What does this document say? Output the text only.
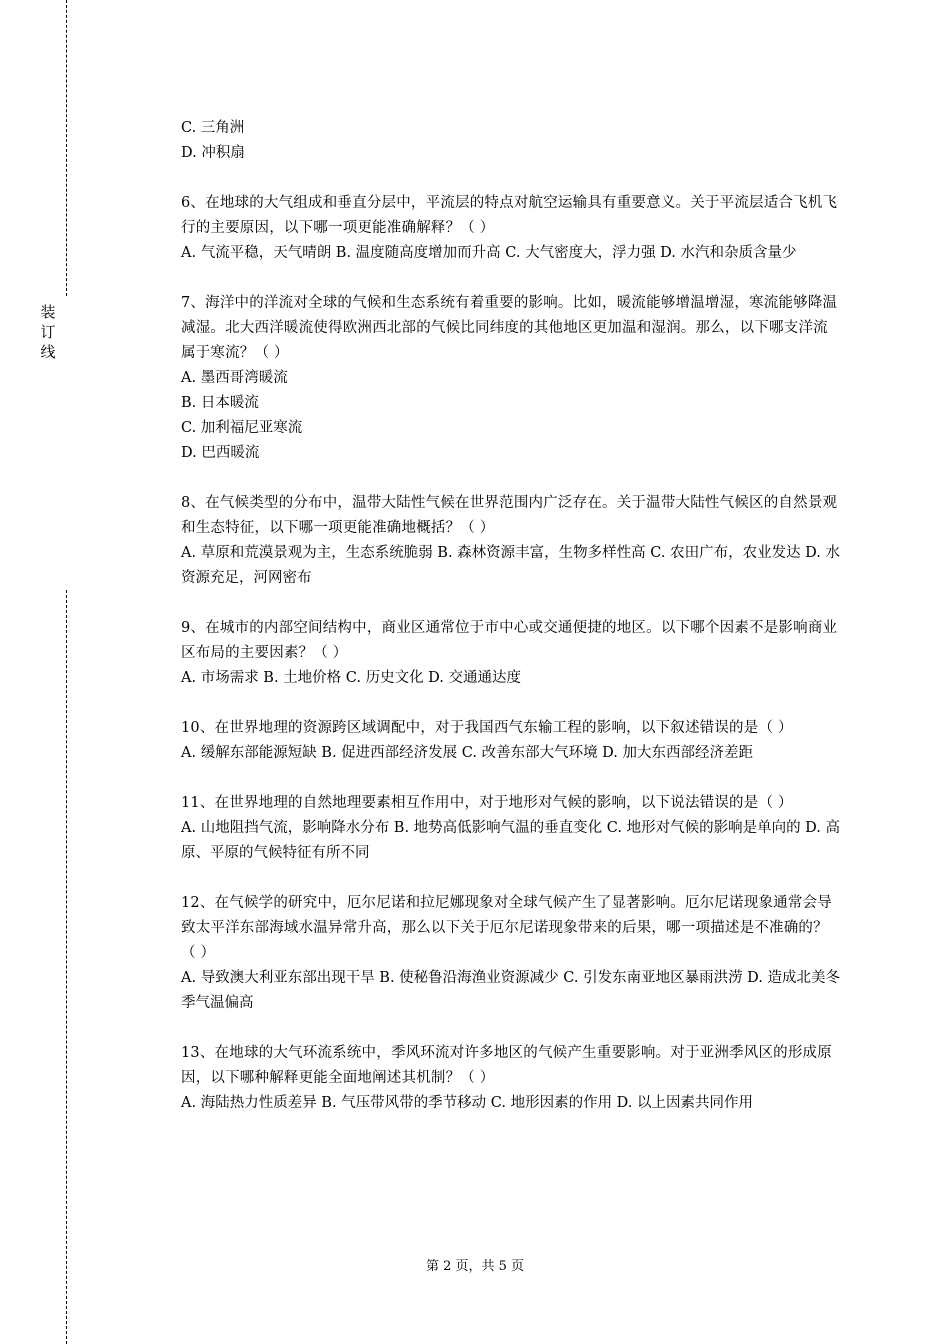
装
订
线

C. 三角洲

D. 冲积扇

6、在地球的大气组成和垂直分层中，平流层的特点对航空运输具有重要意义。关于平流层适合飞机飞行的主要原因，以下哪一项更能准确解释？（ ）

A. 气流平稳，天气晴朗 B. 温度随高度增加而升高 C. 大气密度大，浮力强 D. 水汽和杂质含量少

7、海洋中的洋流对全球的气候和生态系统有着重要的影响。比如，暖流能够增温增湿，寒流能够降温减湿。北大西洋暖流使得欧洲西北部的气候比同纬度的其他地区更加温和湿润。那么，以下哪支洋流属于寒流？（ ）

A. 墨西哥湾暖流

B. 日本暖流

C. 加利福尼亚寒流

D. 巴西暖流

8、在气候类型的分布中，温带大陆性气候在世界范围内广泛存在。关于温带大陆性气候区的自然景观和生态特征，以下哪一项更能准确地概括？（ ）

A. 草原和荒漠景观为主，生态系统脆弱 B. 森林资源丰富，生物多样性高 C. 农田广布，农业发达 D. 水资源充足，河网密布

9、在城市的内部空间结构中，商业区通常位于市中心或交通便捷的地区。以下哪个因素不是影响商业区布局的主要因素？（ ）

A. 市场需求 B. 土地价格 C. 历史文化 D. 交通通达度

10、在世界地理的资源跨区域调配中，对于我国西气东输工程的影响，以下叙述错误的是（ ）

A. 缓解东部能源短缺 B. 促进西部经济发展 C. 改善东部大气环境 D. 加大东西部经济差距

11、在世界地理的自然地理要素相互作用中，对于地形对气候的影响，以下说法错误的是（ ）

A. 山地阻挡气流，影响降水分布 B. 地势高低影响气温的垂直变化 C. 地形对气候的影响是单向的 D. 高原、平原的气候特征有所不同

12、在气候学的研究中，厄尔尼诺和拉尼娜现象对全球气候产生了显著影响。厄尔尼诺现象通常会导致太平洋东部海域水温异常升高，那么以下关于厄尔尼诺现象带来的后果，哪一项描述是不准确的？（ ）

A. 导致澳大利亚东部出现干旱 B. 使秘鲁沿海渔业资源减少 C. 引发东南亚地区暴雨洪涝 D. 造成北美冬季气温偏高

13、在地球的大气环流系统中，季风环流对许多地区的气候产生重要影响。对于亚洲季风区的形成原因，以下哪种解释更能全面地阐述其机制？（ ）

A. 海陆热力性质差异 B. 气压带风带的季节移动 C. 地形因素的作用 D. 以上因素共同作用

第 2 页，共 5 页
